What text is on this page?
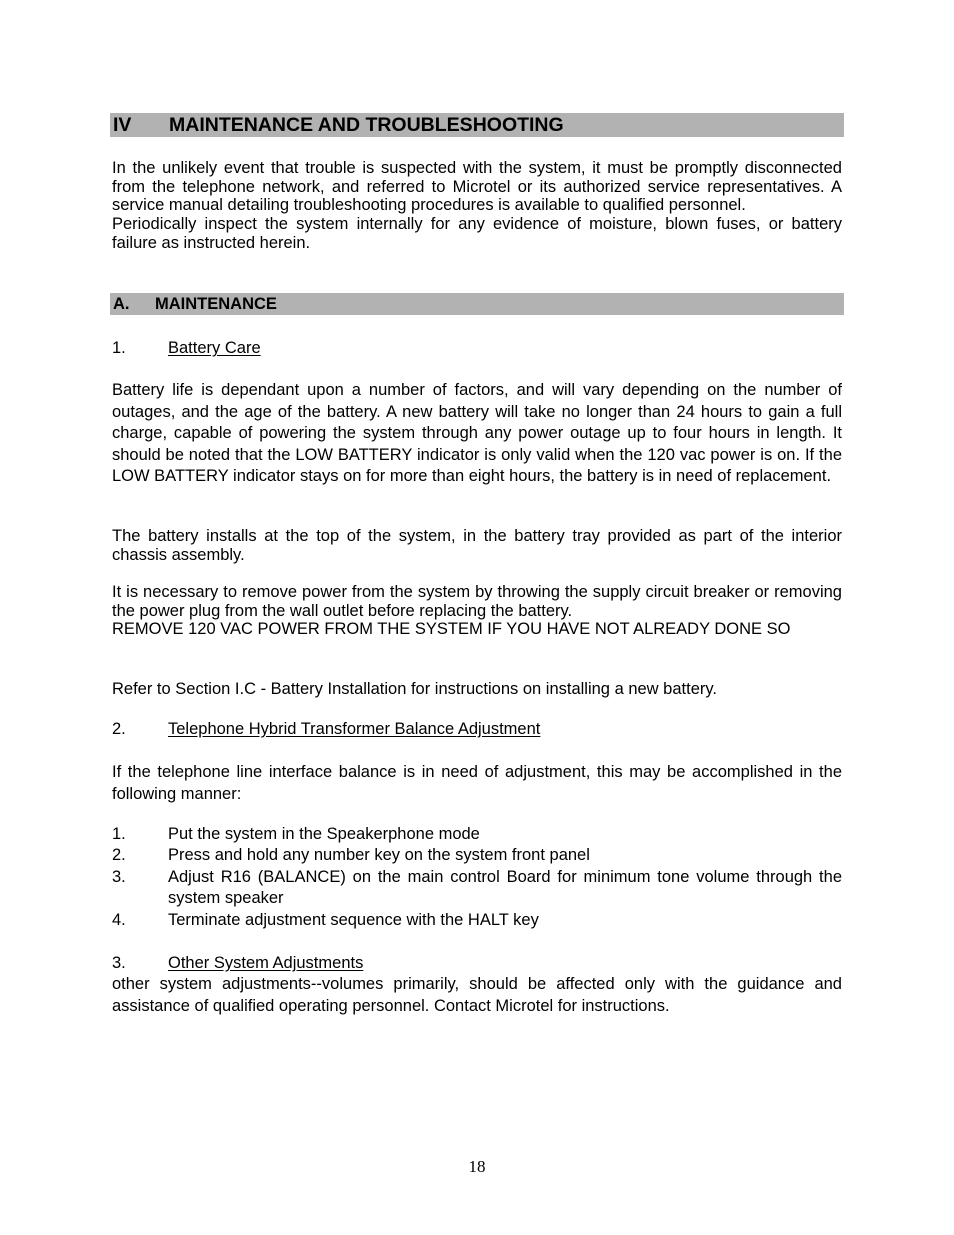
IV	MAINTENANCE AND TROUBLESHOOTING
In the unlikely event that trouble is suspected with the system, it must be promptly disconnected from the telephone network, and referred to Microtel or its authorized service representatives. A service manual detailing troubleshooting procedures is available to qualified personnel.
Periodically inspect the system internally for any evidence of moisture, blown fuses, or battery failure as instructed herein.
A.	MAINTENANCE
1.	Battery Care

Battery life is dependant upon a number of factors, and will vary depending on the number of outages, and the age of the battery. A new battery will take no longer than 24 hours to gain a full charge, capable of powering the system through any power outage up to four hours in length. It should be noted that the LOW BATTERY indicator is only valid when the 120 vac power is on. If the LOW BATTERY indicator stays on for more than eight hours, the battery is in need of replacement.

The battery installs at the top of the system, in the battery tray provided as part of the interior chassis assembly.

It is necessary to remove power from the system by throwing the supply circuit breaker or removing the power plug from the wall outlet before replacing the battery.
REMOVE 120 VAC POWER FROM THE SYSTEM IF YOU HAVE NOT ALREADY DONE SO

Refer to Section I.C - Battery Installation for instructions on installing a new battery.

2.	Telephone Hybrid Transformer Balance Adjustment

If the telephone line interface balance is in need of adjustment, this may be accomplished in the following manner:

1.	Put the system in the Speakerphone mode
2.	Press and hold any number key on the system front panel
3.	Adjust R16 (BALANCE) on the main control Board for minimum tone volume through the system speaker
4.	Terminate adjustment sequence with the HALT key
3.	Other System Adjustments

other system adjustments--volumes primarily, should be affected only with the guidance and assistance of qualified operating personnel. Contact Microtel for instructions.

18
